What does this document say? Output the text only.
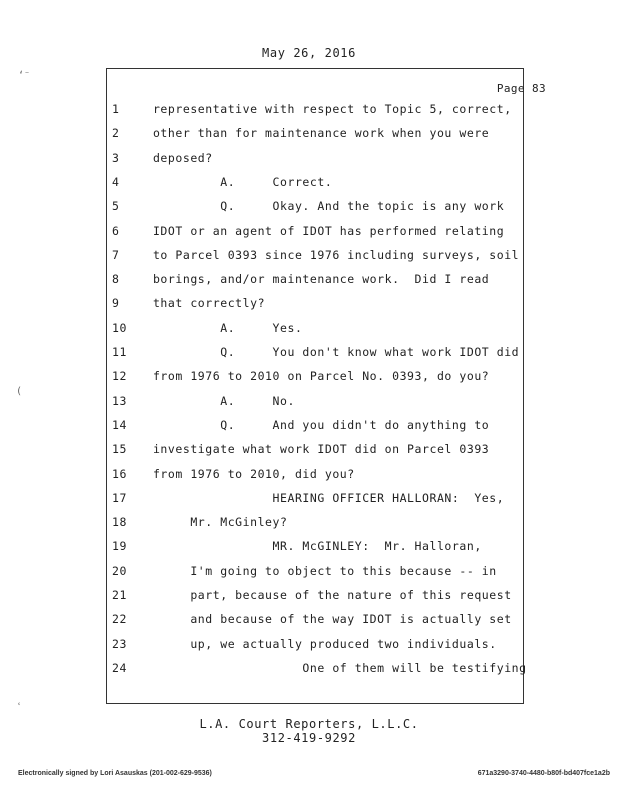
May 26, 2016
Page 83
1	representative with respect to Topic 5, correct,
2	other than for maintenance work when you were
3	deposed?
4	A.     Correct.
5	Q.     Okay. And the topic is any work
6	IDOT or an agent of IDOT has performed relating
7	to Parcel 0393 since 1976 including surveys, soil
8	borings, and/or maintenance work.  Did I read
9	that correctly?
10           A.     Yes.
11           Q.     You don't know what work IDOT did
12 from 1976 to 2010 on Parcel No. 0393, do you?
13           A.     No.
14           Q.     And you didn't do anything to
15 investigate what work IDOT did on Parcel 0393
16 from 1976 to 2010, did you?
17                  HEARING OFFICER HALLORAN:  Yes,
18       Mr. McGinley?
19                  MR. McGINLEY:  Mr. Halloran,
20       I'm going to object to this because -- in
21       part, because of the nature of this request
22       and because of the way IDOT is actually set
23       up, we actually produced two individuals.
24                      One of them will be testifying
L.A. Court Reporters, L.L.C.
312-419-9292
Electronically signed by Lori Asauskas (201-002-629-9536)	671a3290-3740-4480-b80f-bd407fce1a2b
ʻ⁻
(
ʿ
